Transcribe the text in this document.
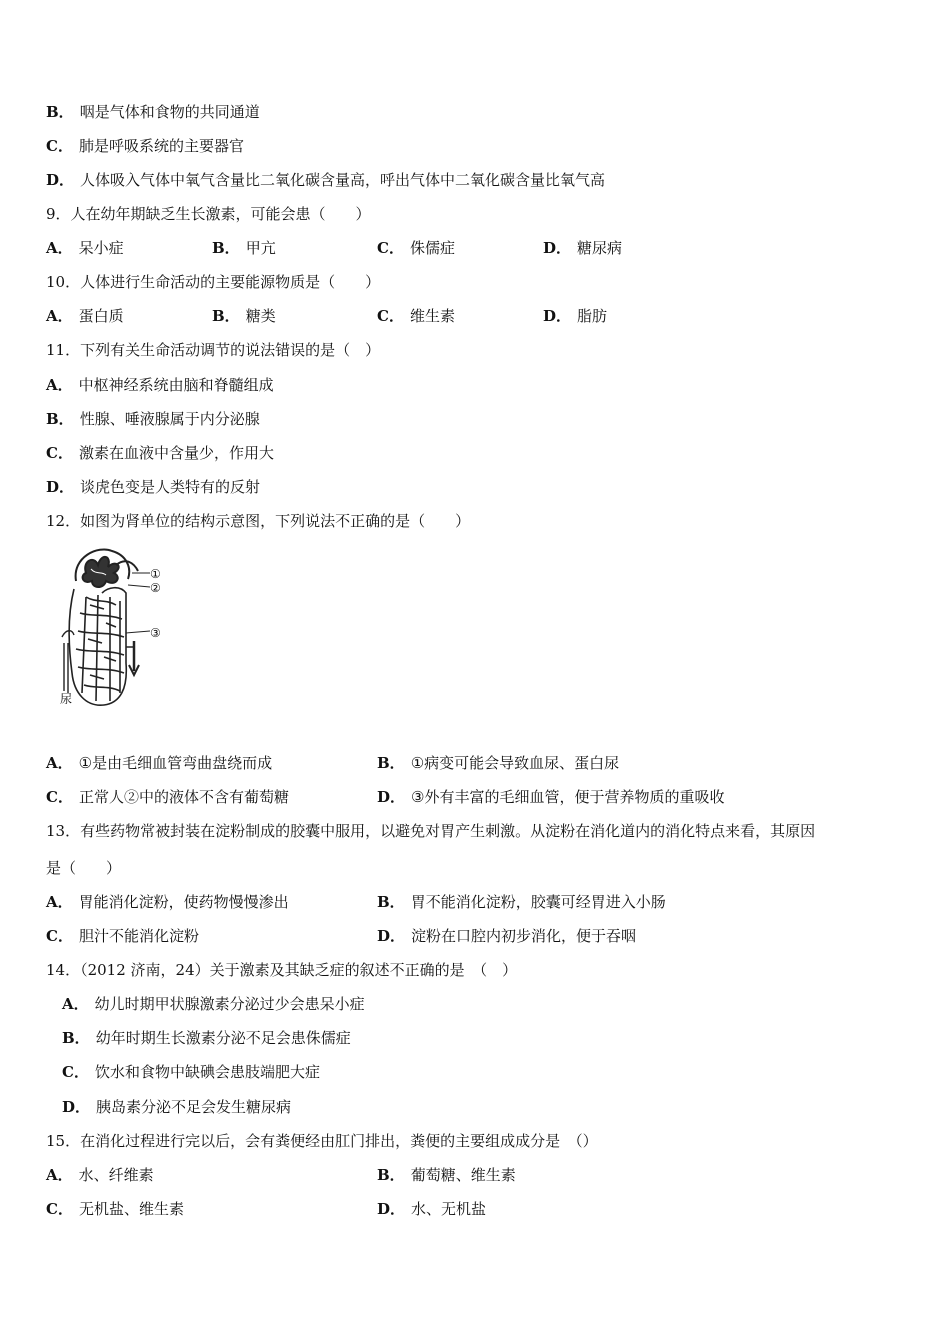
B． 咽是气体和食物的共同通道
C． 肺是呼吸系统的主要器官
D． 人体吸入气体中氧气含量比二氧化碳含量高，呼出气体中二氧化碳含量比氧气高
9．人在幼年期缺乏生长激素，可能会患（　　）
A． 呆小症	B． 甲亢	C． 侏儒症	D． 糖尿病
10．人体进行生命活动的主要能源物质是（　　）
A． 蛋白质	B． 糖类	C． 维生素	D． 脂肪
11．下列有关生命活动调节的说法错误的是（　）
A． 中枢神经系统由脑和脊髓组成
B． 性腺、唾液腺属于内分泌腺
C． 激素在血液中含量少，作用大
D． 谈虎色变是人类特有的反射
12．如图为肾单位的结构示意图，下列说法不正确的是（　　）
①
②
③
尿
A． ①是由毛细血管弯曲盘绕而成	B． ①病变可能会导致血尿、蛋白尿
C． 正常人②中的液体不含有葡萄糖	D． ③外有丰富的毛细血管，便于营养物质的重吸收
13．有些药物常被封装在淀粉制成的胶囊中服用，以避免对胃产生刺激。从淀粉在消化道内的消化特点来看，其原因
是（　　）
A． 胃能消化淀粉，使药物慢慢渗出	B． 胃不能消化淀粉，胶囊可经胃进入小肠
C． 胆汁不能消化淀粉	D． 淀粉在口腔内初步消化，便于吞咽
14．（2012 济南，24）关于激素及其缺乏症的叙述不正确的是　（　）
A． 幼儿时期甲状腺激素分泌过少会患呆小症
B． 幼年时期生长激素分泌不足会患侏儒症
C． 饮水和食物中缺碘会患肢端肥大症
D． 胰岛素分泌不足会发生糖尿病
15．在消化过程进行完以后，会有粪便经由肛门排出，粪便的主要组成成分是　（）
A． 水、纤维素	B． 葡萄糖、维生素
C． 无机盐、维生素	D． 水、无机盐
